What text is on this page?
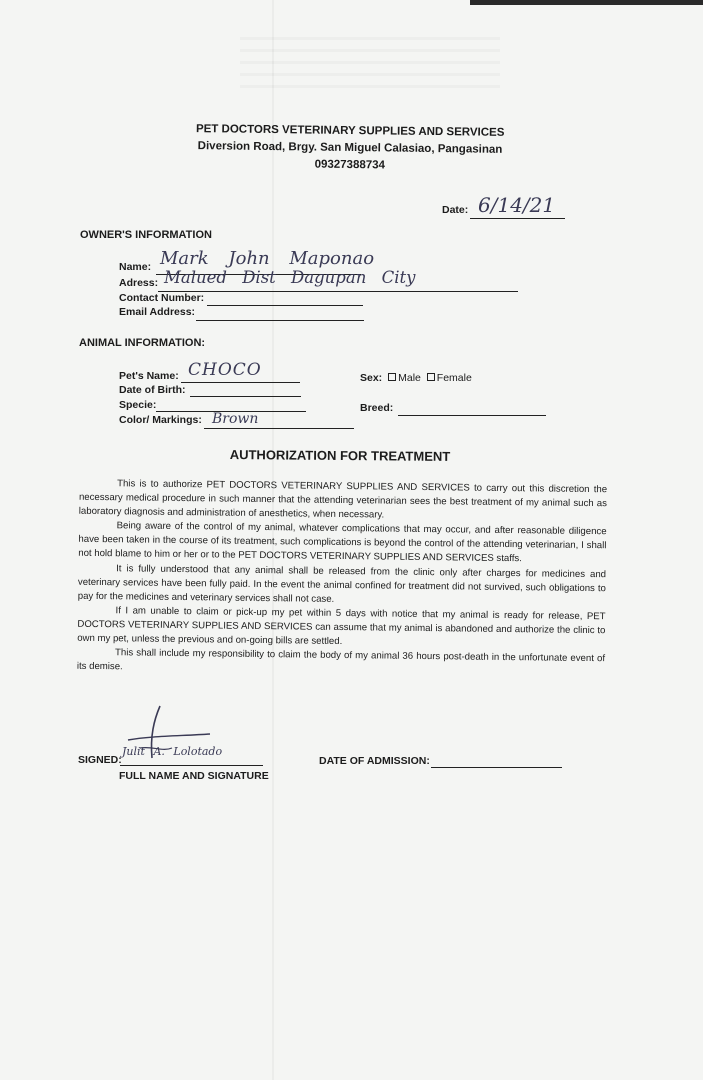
PET DOCTORS VETERINARY SUPPLIES AND SERVICES
Diversion Road, Brgy. San Miguel Calasiao, Pangasinan
09327388734
Date: 6/14/21
OWNER'S INFORMATION
Name: Mark John Maponao
Adress: Malued Dist Dagupan City
Contact Number:
Email Address:
ANIMAL INFORMATION:
Pet's Name: CHOCO
Date of Birth:
Specie:
Color/ Markings: Brown
Sex: Male Female
Breed:
AUTHORIZATION FOR TREATMENT

This is to authorize PET DOCTORS VETERINARY SUPPLIES AND SERVICES to carry out this discretion the necessary medical procedure in such manner that the attending veterinarian sees the best treatment of my animal such as laboratory diagnosis and administration of anesthetics, when necessary.

Being aware of the control of my animal, whatever complications that may occur, and after reasonable diligence have been taken in the course of its treatment, such complications is beyond the control of the attending veterinarian, I shall not hold blame to him or her or to the PET DOCTORS VETERINARY SUPPLIES AND SERVICES staffs.

It is fully understood that any animal shall be released from the clinic only after charges for medicines and veterinary services have been fully paid. In the event the animal confined for treatment did not survived, such obligations to pay for the medicines and veterinary services shall not case.

If I am unable to claim or pick-up my pet within 5 days with notice that my animal is ready for release, PET DOCTORS VETERINARY SUPPLIES AND SERVICES can assume that my animal is abandoned and authorize the clinic to own my pet, unless the previous and on-going bills are settled.

This shall include my responsibility to claim the body of my animal 36 hours post-death in the unfortunate event of its demise.

SIGNED:
Julit A. Lolotado
FULL NAME AND SIGNATURE
DATE OF ADMISSION:
